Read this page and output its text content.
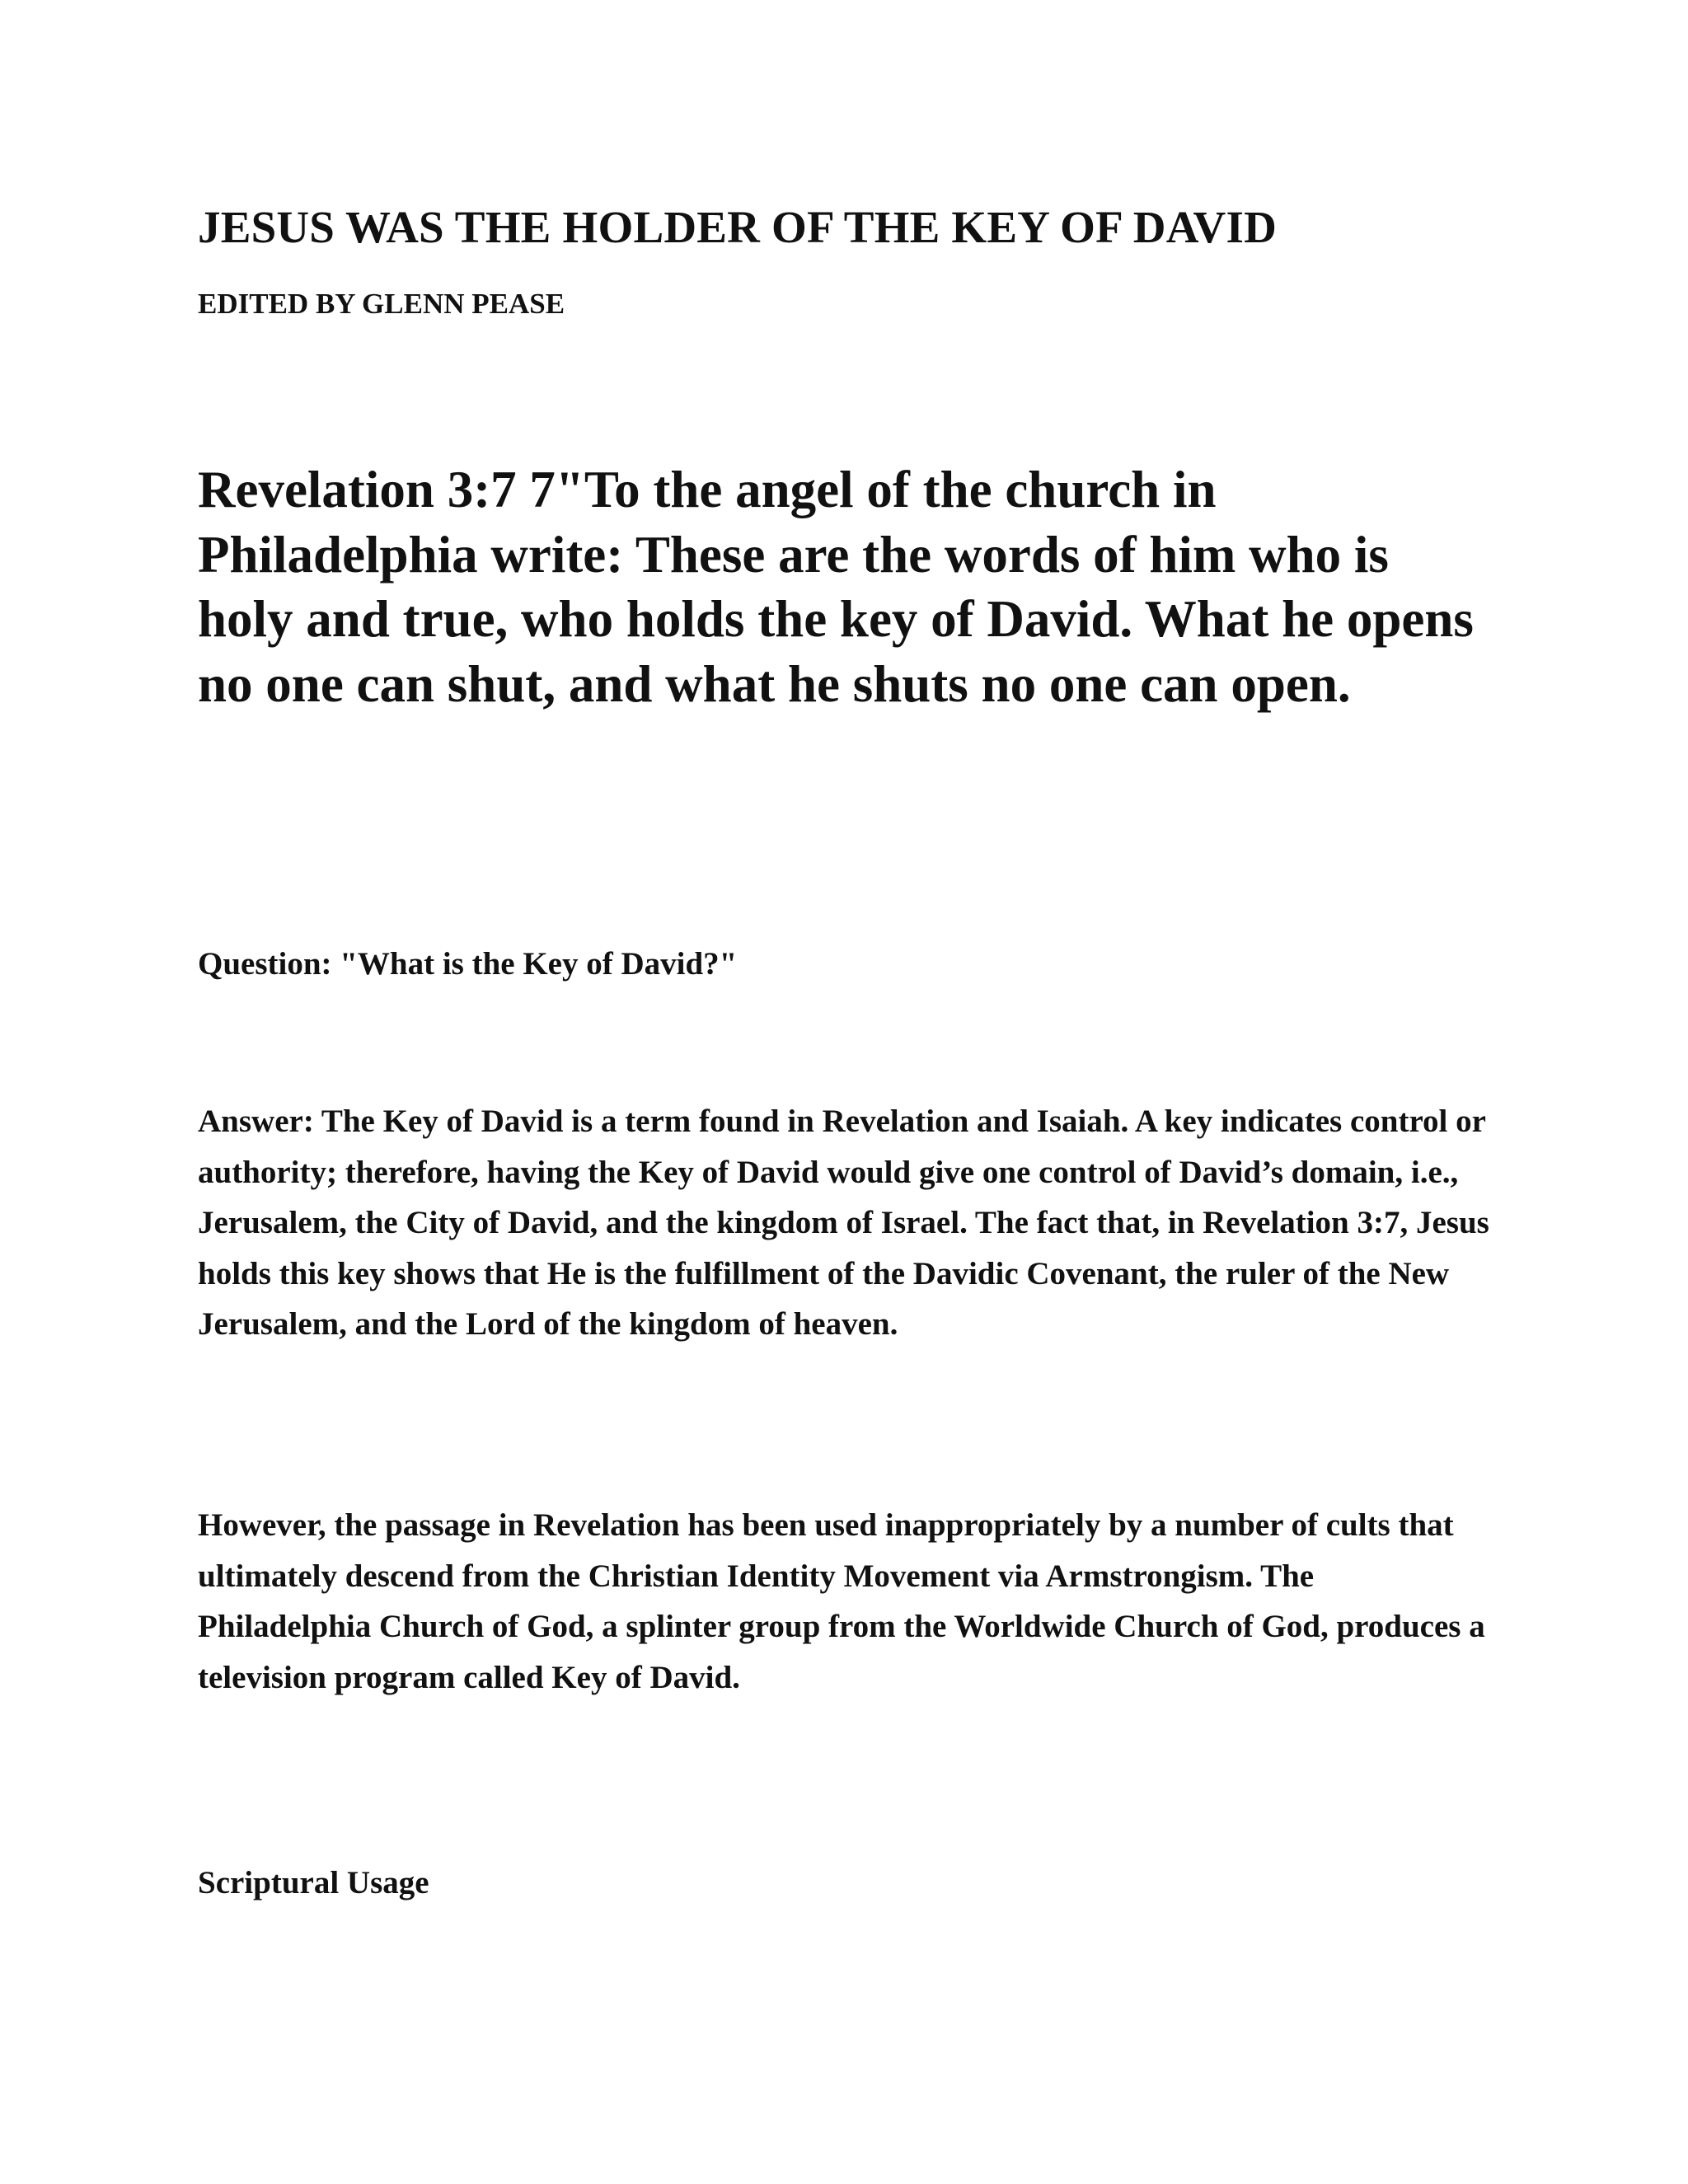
JESUS WAS THE HOLDER OF THE KEY OF DAVID
EDITED BY GLENN PEASE

Revelation 3:7 7"To the angel of the church in Philadelphia write: These are the words of him who is holy and true, who holds the key of David. What he opens no one can shut, and what he shuts no one can open.

Question: "What is the Key of David?"

Answer: The Key of David is a term found in Revelation and Isaiah. A key indicates control or authority; therefore, having the Key of David would give one control of David’s domain, i.e., Jerusalem, the City of David, and the kingdom of Israel. The fact that, in Revelation 3:7, Jesus holds this key shows that He is the fulfillment of the Davidic Covenant, the ruler of the New Jerusalem, and the Lord of the kingdom of heaven.

However, the passage in Revelation has been used inappropriately by a number of cults that ultimately descend from the Christian Identity Movement via Armstrongism. The Philadelphia Church of God, a splinter group from the Worldwide Church of God, produces a television program called Key of David.

Scriptural Usage
